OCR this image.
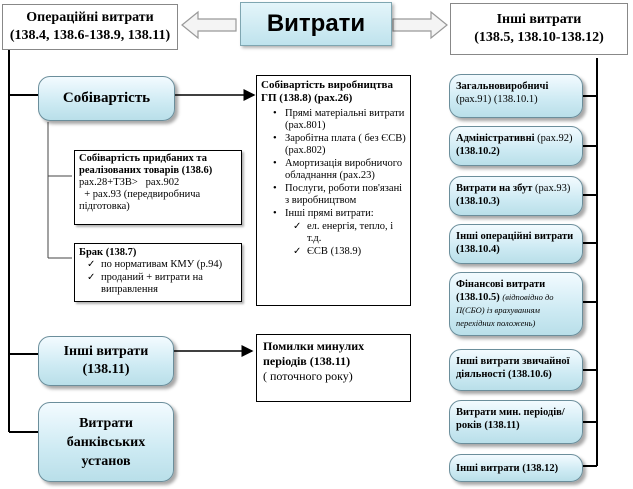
Витрати
Операційні витрати
(138.4, 138.6-138.9, 138.11)
Інші витрати
(138.5, 138.10-138.12)
Собівартість
Собівартість виробництва
ГП (138.8) (рах.26)
• Прямі матеріальні витрати (рах.801)
• Заробітна плата ( без ЄСВ) (рах.802)
• Амортизація виробничого обладнання (рах.23)
• Послуги, роботи пов'язані з виробництвом
• Інші прямі витрати:
✓ ел. енергія, тепло, і т.д.
✓ ЄСВ (138.9)
Собівартість придбаних та реалізованих товарів (138.6)
рах.28+ТЗВ>   рах.902
+ рах.93 (передвиробнича підготовка)
Брак (138.7)
✓ по нормативам КМУ (р.94)
✓ проданий + витрати на виправлення
Інші витрати
(138.11)
Помилки минулих
періодів (138.11)
( поточного року)
Витрати
банківських
установ
Загальновиробничі
(рах.91) (138.10.1)
Адміністративні (рах.92)
(138.10.2)
Витрати на збут (рах.93)
(138.10.3)
Інші операційні витрати
(138.10.4)
Фінансові витрати (138.10.5) (відповідно до П(СБО) із врахуванням перехідних положень)
Інші витрати звичайної діяльності (138.10.6)
Витрати мин. періодів/років (138.11)
Інші витрати (138.12)
